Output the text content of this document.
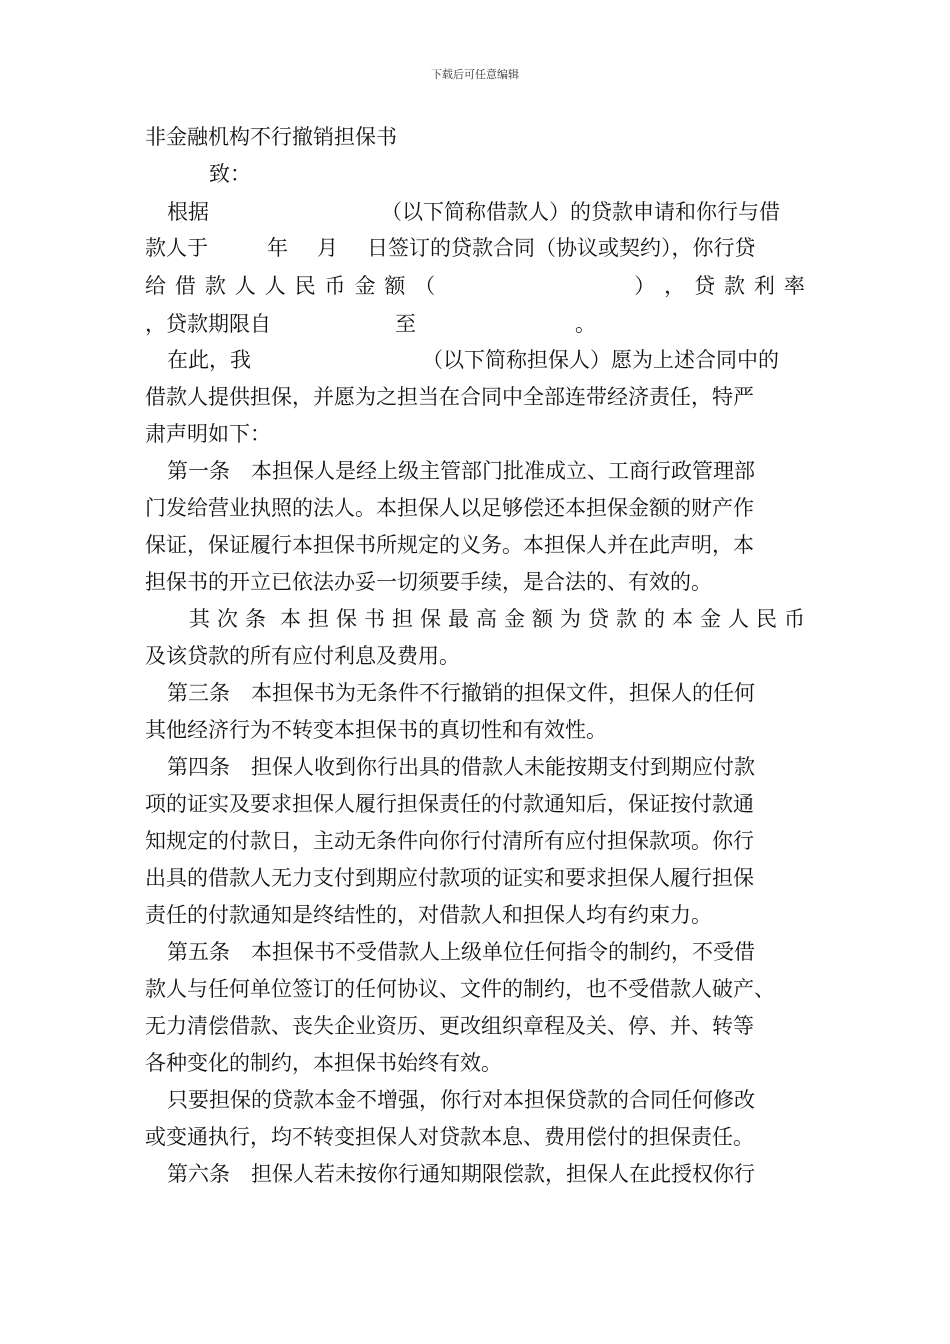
下载后可任意编辑
非金融机构不行撤销担保书
致：
根据	（以下简称借款人）的贷款申请和你行与借
款人于	年 月 日签订的贷款合同（协议或契约），你行贷
给 借 款 人 人 民 币 金 额 （	） ， 贷 款 利 率
，贷款期限自	至	。
在此，我	（以下简称担保人）愿为上述合同中的
借款人提供担保，并愿为之担当在合同中全部连带经济责任，特严
肃声明如下：
第一条　本担保人是经上级主管部门批准成立、工商行政管理部
门发给营业执照的法人。本担保人以足够偿还本担保金额的财产作
保证，保证履行本担保书所规定的义务。本担保人并在此声明，本
担保书的开立已依法办妥一切须要手续，是合法的、有效的。
其 次 条 本 担 保 书 担 保 最 高 金 额 为 贷 款 的 本 金 人 民 币
及该贷款的所有应付利息及费用。
第三条　本担保书为无条件不行撤销的担保文件，担保人的任何
其他经济行为不转变本担保书的真切性和有效性。
第四条　担保人收到你行出具的借款人未能按期支付到期应付款
项的证实及要求担保人履行担保责任的付款通知后，保证按付款通
知规定的付款日，主动无条件向你行付清所有应付担保款项。你行
出具的借款人无力支付到期应付款项的证实和要求担保人履行担保
责任的付款通知是终结性的，对借款人和担保人均有约束力。
第五条　本担保书不受借款人上级单位任何指令的制约，不受借
款人与任何单位签订的任何协议、文件的制约，也不受借款人破产、
无力清偿借款、丧失企业资历、更改组织章程及关、停、并、转等
各种变化的制约，本担保书始终有效。
只要担保的贷款本金不增强，你行对本担保贷款的合同任何修改
或变通执行，均不转变担保人对贷款本息、费用偿付的担保责任。
第六条　担保人若未按你行通知期限偿款，担保人在此授权你行
